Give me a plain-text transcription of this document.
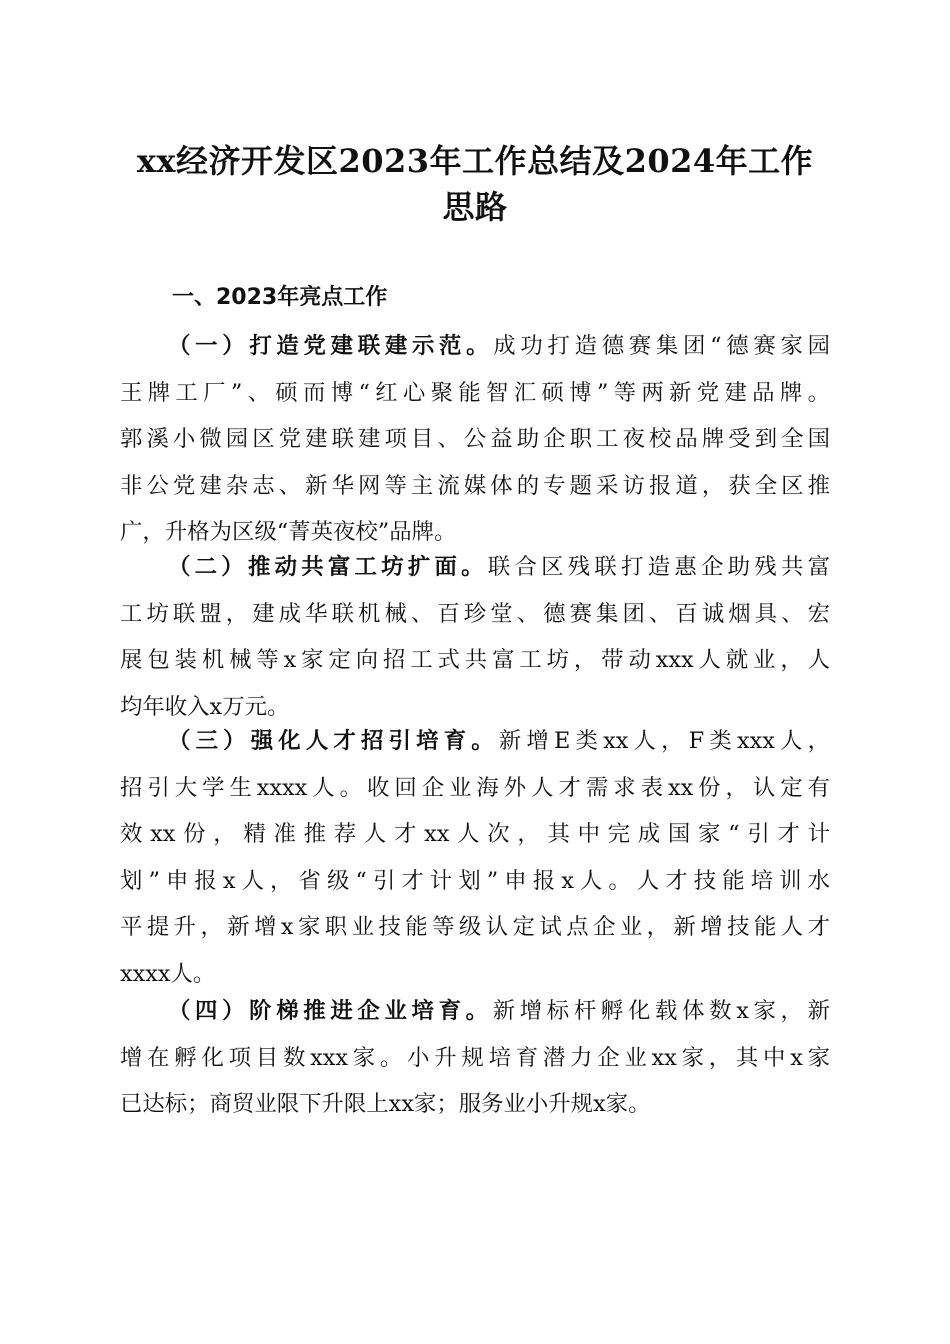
xx经济开发区2023年工作总结及2024年工作
思路
一、2023年亮点工作
（一）打造党建联建示范。成功打造德赛集团“德赛家园
王牌工厂”、硕而博“红心聚能智汇硕博”等两新党建品牌。
郭溪小微园区党建联建项目、公益助企职工夜校品牌受到全国
非公党建杂志、新华网等主流媒体的专题采访报道，获全区推
广，升格为区级“菁英夜校”品牌。
（二）推动共富工坊扩面。联合区残联打造惠企助残共富
工坊联盟，建成华联机械、百珍堂、德赛集团、百诚烟具、宏
展包装机械等x家定向招工式共富工坊，带动xxx人就业，人
均年收入x万元。
（三）强化人才招引培育。新增E类xx人，F类xxx人，
招引大学生xxxx人。收回企业海外人才需求表xx份，认定有
效xx份，精准推荐人才xx人次，其中完成国家“引才计
划”申报x人，省级“引才计划”申报x人。人才技能培训水
平提升，新增x家职业技能等级认定试点企业，新增技能人才
xxxx人。
（四）阶梯推进企业培育。新增标杆孵化载体数x家，新
增在孵化项目数xxx家。小升规培育潜力企业xx家，其中x家
已达标；商贸业限下升限上xx家；服务业小升规x家。
